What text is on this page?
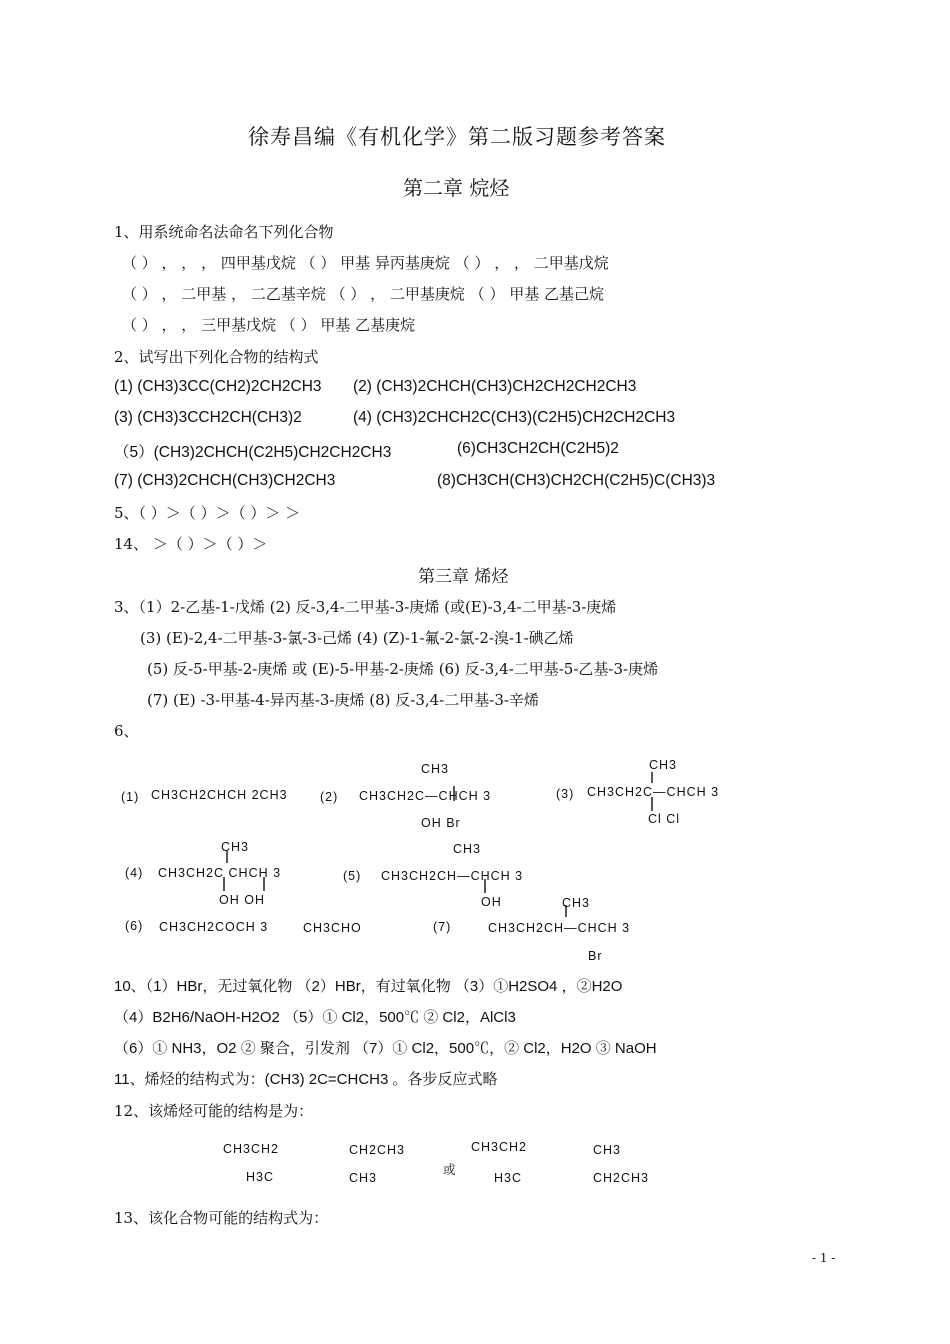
徐寿昌编《有机化学》第二版习题参考答案
第二章 烷烃
1、用系统命名法命名下列化合物
（ ） ， ， ， 四甲基戊烷 （ ） 甲基 异丙基庚烷 （ ） ， ， 二甲基戊烷
（ ） ， 二甲基 ， 二乙基辛烷 （ ） ， 二甲基庚烷 （ ） 甲基 乙基己烷
（ ） ， ， 三甲基戊烷 （ ） 甲基 乙基庚烷
2、试写出下列化合物的结构式
(1) (CH3)3CC(CH2)2CH2CH3 (2) (CH3)2CHCH(CH3)CH2CH2CH2CH3
(3) (CH3)3CCH2CH(CH3)2	(4) (CH3)2CHCH2C(CH3)(C2H5)CH2CH2CH3
（5）(CH3)2CHCH(C2H5)CH2CH2CH3	(6)CH3CH2CH(C2H5)2
(7) (CH3)2CHCH(CH3)CH2CH3	(8)CH3CH(CH3)CH2CH(C2H5)C(CH3)3
5、（ ）＞（ ）＞（ ）＞ ＞
14、 ＞（ ）＞（ ）＞
第三章 烯烃
3、（1）2-乙基-1-戊烯 (2) 反-3,4-二甲基-3-庚烯 (或(E)-3,4-二甲基-3-庚烯
(3) (E)-2,4-二甲基-3-氯-3-己烯 (4) (Z)-1-氟-2-氯-2-溴-1-碘乙烯
(5) 反-5-甲基-2-庚烯 或 (E)-5-甲基-2-庚烯 (6) 反-3,4-二甲基-5-乙基-3-庚烯
(7) (E) -3-甲基-4-异丙基-3-庚烯 (8) 反-3,4-二甲基-3-辛烯
6、
(1) CH3CH2CHCH 2CH3	(2)
CH3
CH3CH2C—CHCH 3
OH Br
(3)
CH3
CH3CH2C—CHCH 3
Cl Cl
(4)
CH3
CH3CH2C CHCH 3
OH OH
(5)
CH3
CH3CH2CH—CHCH 3
OH
(6) CH3CH2COCH 3	CH3CHO	(7)
CH3
CH3CH2CH—CHCH 3
Br
10、（1）HBr，无过氧化物 （2）HBr，有过氧化物 （3）①H2SO4 ，②H2O
（4）B2H6/NaOH-H2O2 （5）① Cl2，500℃ ② Cl2，AlCl3
（6）① NH3，O2 ② 聚合，引发剂 （7）① Cl2，500℃，② Cl2，H2O ③ NaOH
11、烯烃的结构式为：(CH3) 2C=CHCH3 。各步反应式略
12、该烯烃可能的结构是为：
CH3CH2
H3C
CH2CH3
CH3
或
CH3CH2
H3C
CH3
CH2CH3
13、该化合物可能的结构式为：
- 1 -
